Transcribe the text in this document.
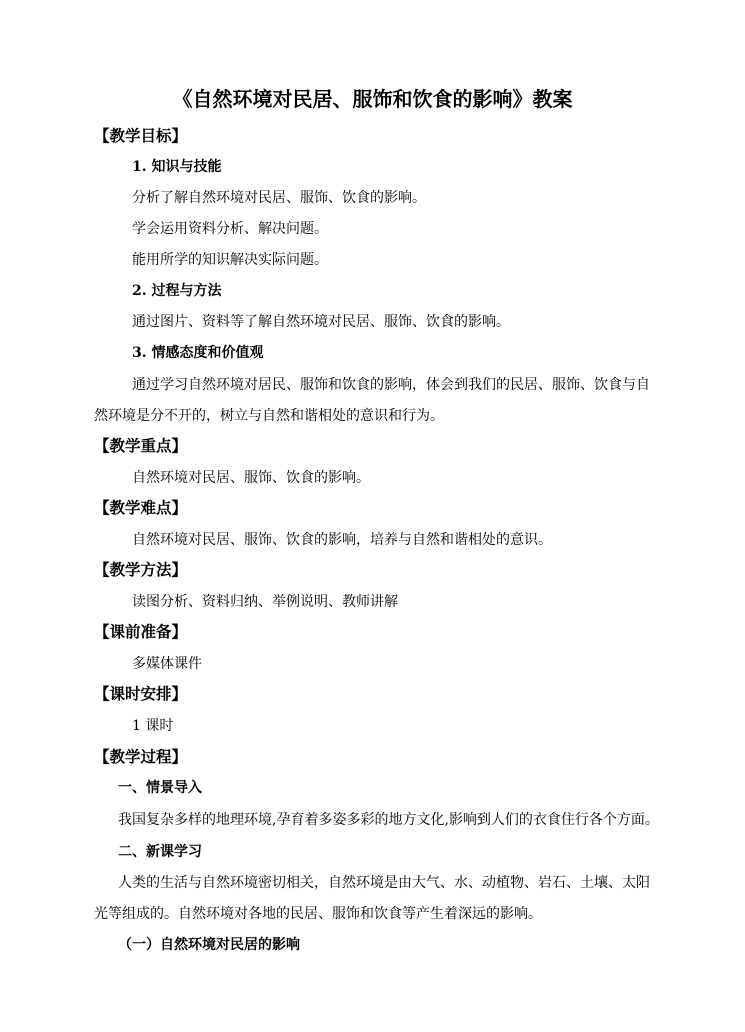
《自然环境对民居、服饰和饮食的影响》教案
【教学目标】
1. 知识与技能
分析了解自然环境对民居、服饰、饮食的影响。
学会运用资料分析、解决问题。
能用所学的知识解决实际问题。
2. 过程与方法
通过图片、资料等了解自然环境对民居、服饰、饮食的影响。
3. 情感态度和价值观
通过学习自然环境对居民、服饰和饮食的影响，体会到我们的民居、服饰、饮食与自
然环境是分不开的，树立与自然和谐相处的意识和行为。
【教学重点】
自然环境对民居、服饰、饮食的影响。
【教学难点】
自然环境对民居、服饰、饮食的影响，培养与自然和谐相处的意识。
【教学方法】
读图分析、资料归纳、举例说明、教师讲解
【课前准备】
多媒体课件
【课时安排】
1 课时
【教学过程】
一、情景导入
我国复杂多样的地理环境,孕育着多姿多彩的地方文化,影响到人们的衣食住行各个方面。
二、新课学习
人类的生活与自然环境密切相关，自然环境是由大气、水、动植物、岩石、土壤、太阳
光等组成的。自然环境对各地的民居、服饰和饮食等产生着深远的影响。
（一）自然环境对民居的影响
